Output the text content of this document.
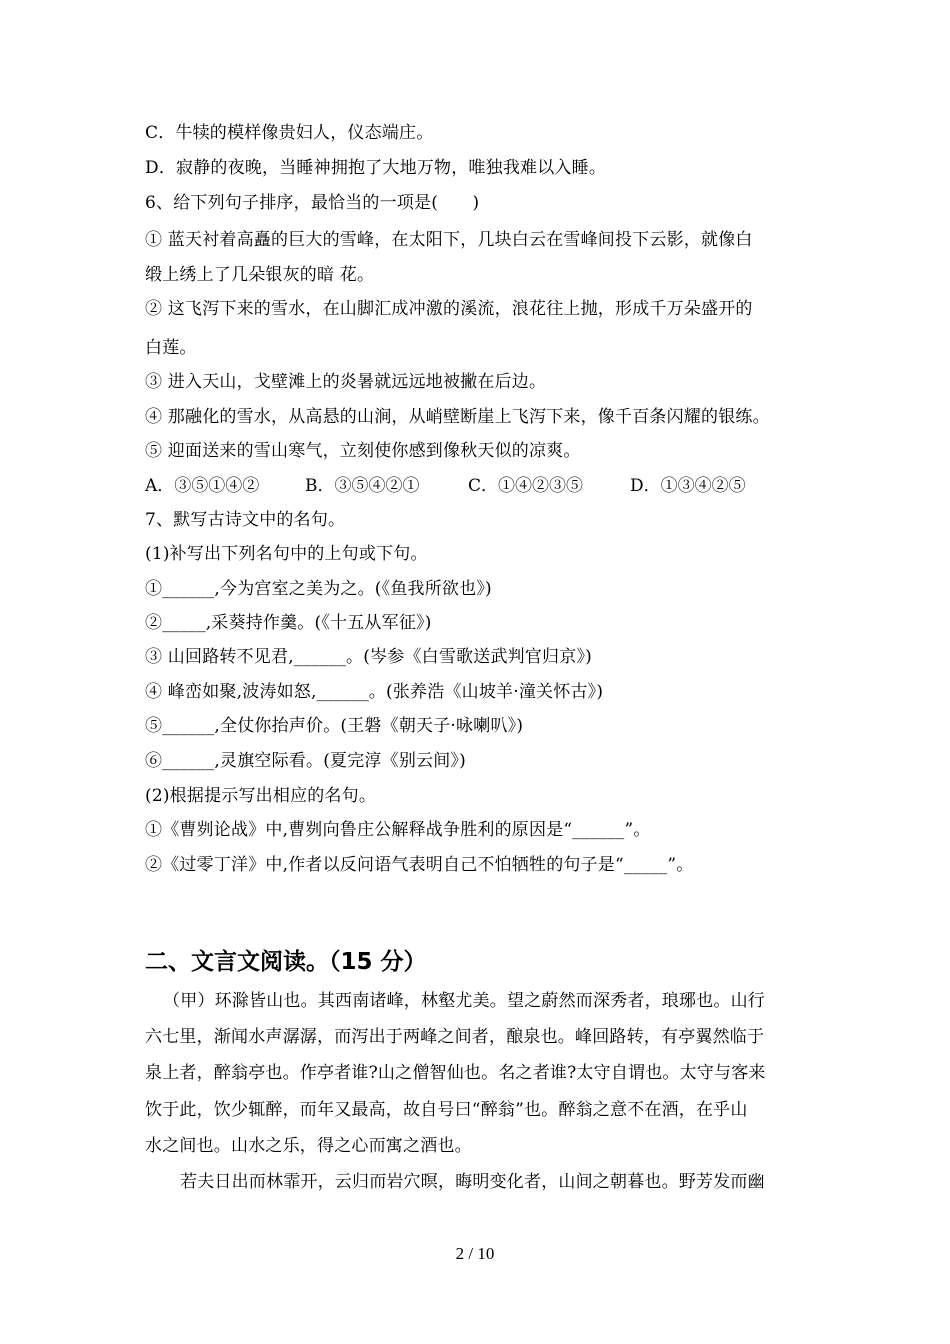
C．牛犊的模样像贵妇人，仪态端庄。
D．寂静的夜晚，当睡神拥抱了大地万物，唯独我难以入睡。
6、给下列句子排序，最恰当的一项是(　　)
① 蓝天衬着高矗的巨大的雪峰，在太阳下，几块白云在雪峰间投下云影，就像白
缎上绣上了几朵银灰的暗 花。
② 这飞泻下来的雪水，在山脚汇成冲激的溪流，浪花往上抛，形成千万朵盛开的
白莲。
③ 进入天山，戈壁滩上的炎暑就远远地被撇在后边。
④ 那融化的雪水，从高悬的山涧，从峭壁断崖上飞泻下来，像千百条闪耀的银练。
⑤ 迎面送来的雪山寒气，立刻使你感到像秋天似的凉爽。
A．③⑤①④②	B．③⑤④②①	C．①④②③⑤	D．①③④②⑤
7、默写古诗文中的名句。
(1)补写出下列名句中的上句或下句。
①______,今为宫室之美为之。(《鱼我所欲也》)
②_____,采葵持作羹。(《十五从军征》)
③ 山回路转不见君,______。(岑参《白雪歌送武判官归京》)
④ 峰峦如聚,波涛如怒,______。(张养浩《山坡羊·潼关怀古》)
⑤______,全仗你抬声价。(王磐《朝天子·咏喇叭》)
⑥______,灵旗空际看。(夏完淳《别云间》)
(2)根据提示写出相应的名句。
①《曹刿论战》中,曹刿向鲁庄公解释战争胜利的原因是“______”。
②《过零丁洋》中,作者以反问语气表明自己不怕牺牲的句子是“_____”。
二、文言文阅读。（15 分）
（甲）环滁皆山也。其西南诸峰，林壑尤美。望之蔚然而深秀者，琅琊也。山行
六七里，渐闻水声潺潺，而泻出于两峰之间者，酿泉也。峰回路转，有亭翼然临于
泉上者，醉翁亭也。作亭者谁?山之僧智仙也。名之者谁?太守自谓也。太守与客来
饮于此，饮少辄醉，而年又最高，故自号曰“醉翁”也。醉翁之意不在酒，在乎山
水之间也。山水之乐，得之心而寓之酒也。
若夫日出而林霏开，云归而岩穴暝，晦明变化者，山间之朝暮也。野芳发而幽
2 / 10
